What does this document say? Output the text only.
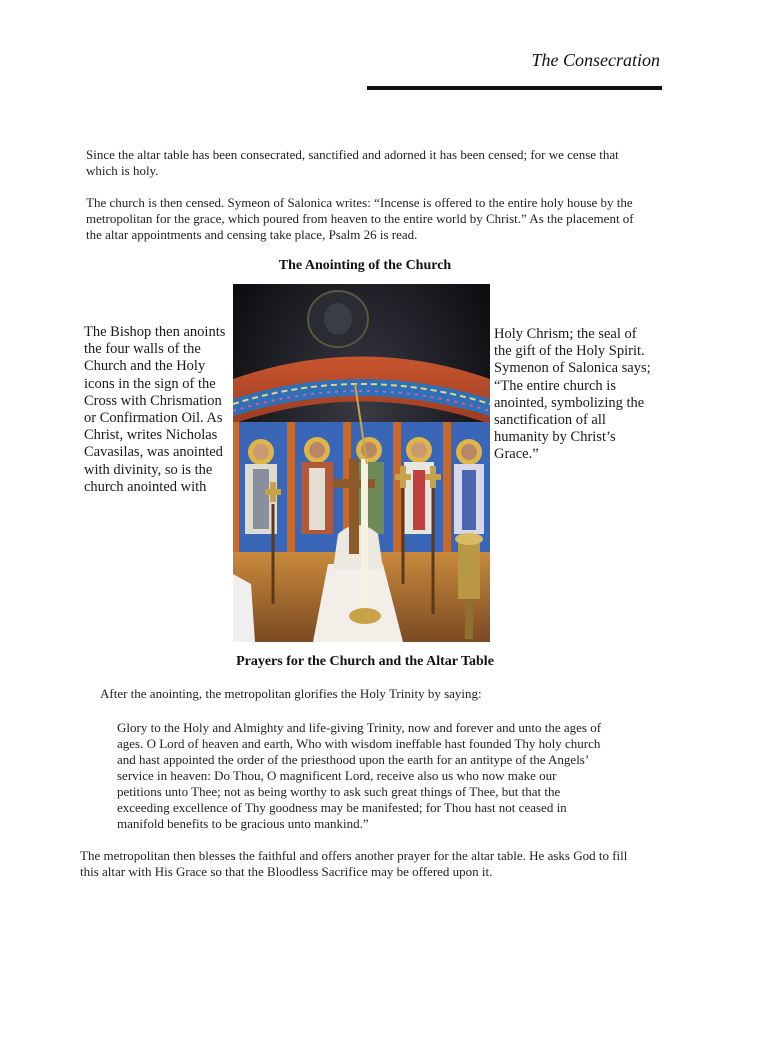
The Consecration

Since the altar table has been consecrated, sanctified and adorned it has been censed; for we cense that which is holy.

The church is then censed. Symeon of Salonica writes: “Incense is offered to the entire holy house by the metropolitan for the grace, which poured from heaven to the entire world by Christ.” As the placement of the altar appointments and censing take place, Psalm 26 is read.

The Anointing of the Church

The Bishop then anoints the four walls of the Church and the Holy icons in the sign of the Cross with Chrismation or Confirmation Oil. As Christ, writes Nicholas Cavasilas, was anointed with divinity, so is the church anointed with

Holy Chrism; the seal of the gift of the Holy Spirit. Symenon of Salonica says; “The entire church is anointed, symbolizing the sanctification of all humanity by Christ’s Grace.”

Prayers for the Church and the Altar Table

After the anointing, the metropolitan glorifies the Holy Trinity by saying:

Glory to the Holy and Almighty and life-giving Trinity, now and forever and unto the ages of ages. O Lord of heaven and earth, Who with wisdom ineffable hast founded Thy holy church and hast appointed the order of the priesthood upon the earth for an antitype of the Angels’ service in heaven: Do Thou, O magnificent Lord, receive also us who now make our petitions unto Thee; not as being worthy to ask such great things of Thee, but that the exceeding excellence of Thy goodness may be manifested; for Thou hast not ceased in manifold benefits to be gracious unto mankind.”

The metropolitan then blesses the faithful and offers another prayer for the altar table. He asks God to fill this altar with His Grace so that the Bloodless Sacrifice may be offered upon it.
